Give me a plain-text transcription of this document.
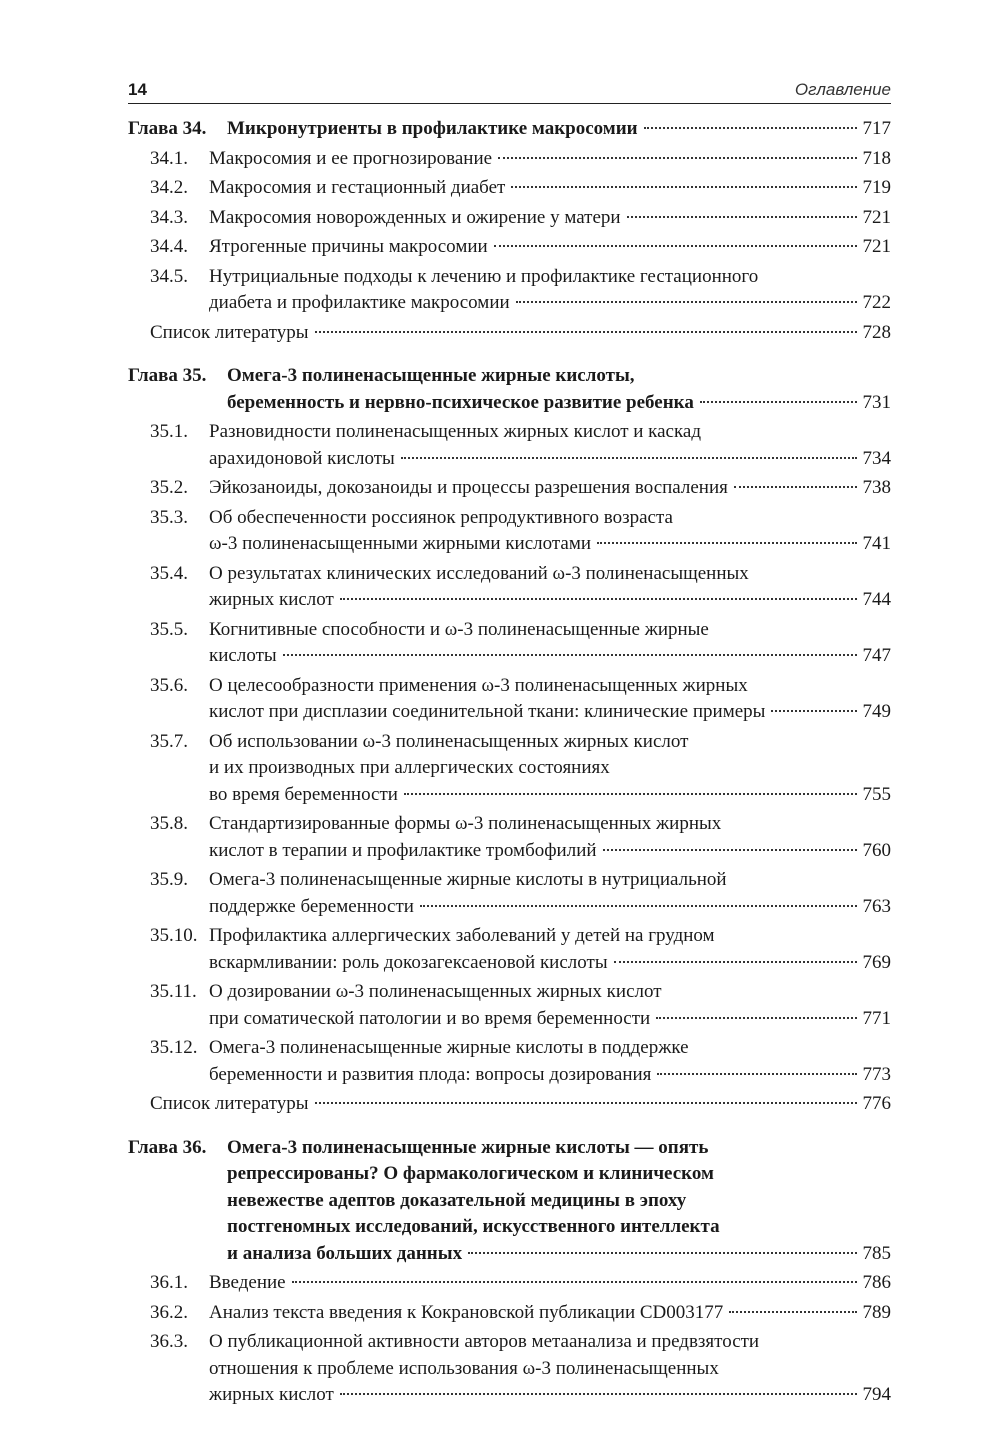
14	Оглавление
Глава 34.	Микронутриенты в профилактике макросомии	717
34.1.	Макросомия и ее прогнозирование	718
34.2.	Макросомия и гестационный диабет	719
34.3.	Макросомия новорожденных и ожирение у матери	721
34.4.	Ятрогенные причины макросомии	721
34.5.	Нутрициальные подходы к лечению и профилактике гестационного
диабета и профилактике макросомии	722
Список литературы	728
Глава 35.	Омега-3 полиненасыщенные жирные кислоты,
беременность и нервно-психическое развитие ребенка	731
35.1.	Разновидности полиненасыщенных жирных кислот и каскад
арахидоновой кислоты	734
35.2.	Эйкозаноиды, докозаноиды и процессы разрешения воспаления	738
35.3.	Об обеспеченности россиянок репродуктивного возраста
ω-3 полиненасыщенными жирными кислотами	741
35.4.	О результатах клинических исследований ω-3 полиненасыщенных
жирных кислот	744
35.5.	Когнитивные способности и ω-3 полиненасыщенные жирные
кислоты	747
35.6.	О целесообразности применения ω-3 полиненасыщенных жирных
кислот при дисплазии соединительной ткани: клинические примеры	749
35.7.	Об использовании ω-3 полиненасыщенных жирных кислот
и их производных при аллергических состояниях
во время беременности	755
35.8.	Стандартизированные формы ω-3 полиненасыщенных жирных
кислот в терапии и профилактике тромбофилий	760
35.9.	Омега-3 полиненасыщенные жирные кислоты в нутрициальной
поддержке беременности	763
35.10. Профилактика аллергических заболеваний у детей на грудном
вскармливании: роль докозагексаеновой кислоты	769
35.11. О дозировании ω-3 полиненасыщенных жирных кислот
при соматической патологии и во время беременности	771
35.12. Омега-3 полиненасыщенные жирные кислоты в поддержке
беременности и развития плода: вопросы дозирования	773
Список литературы	776
Глава 36.	Омега-3 полиненасыщенные жирные кислоты — опять
репрессированы? О фармакологическом и клиническом
невежестве адептов доказательной медицины в эпоху
постгеномных исследований, искусственного интеллекта
и анализа больших данных	785
36.1.	Введение	786
36.2.	Анализ текста введения к Кокрановской публикации CD003177	789
36.3.	О публикационной активности авторов метаанализа и предвзятости
отношения к проблеме использования ω-3 полиненасыщенных
жирных кислот	794
